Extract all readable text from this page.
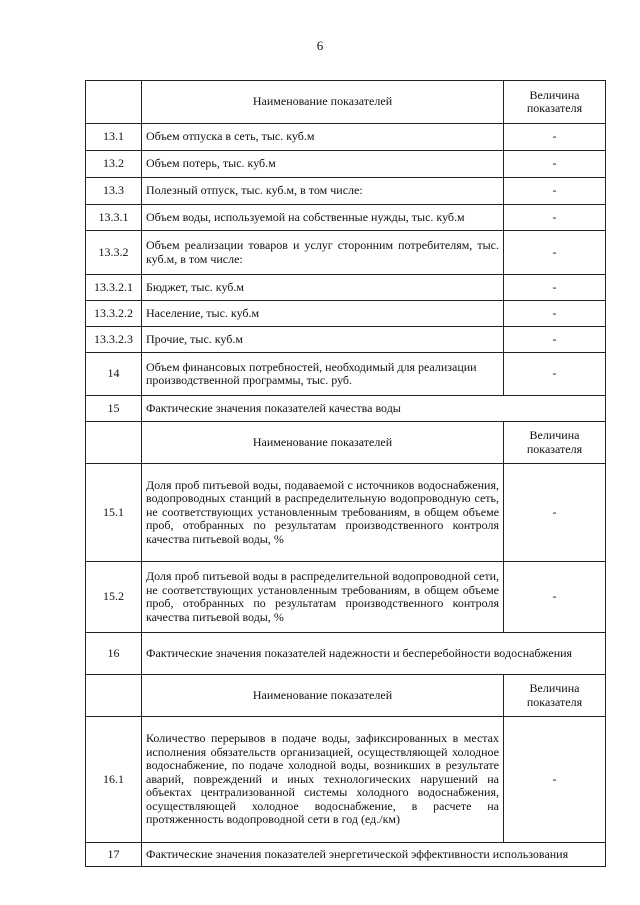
6
	Наименование показателей	Величина показателя
13.1	Объем отпуска в сеть, тыс. куб.м	-
13.2	Объем потерь, тыс. куб.м	-
13.3	Полезный отпуск, тыс. куб.м, в том числе:	-
13.3.1	Объем воды, используемой на собственные нужды, тыс. куб.м	-
13.3.2	Объем реализации товаров и услуг сторонним потребителям, тыс. куб.м, в том числе:	-
13.3.2.1	Бюджет, тыс. куб.м	-
13.3.2.2	Население, тыс. куб.м	-
13.3.2.3	Прочие, тыс. куб.м	-
14	Объем финансовых потребностей, необходимый для реализации производственной программы, тыс. руб.	-
15	Фактические значения показателей качества воды	
	Наименование показателей	Величина показателя
15.1	Доля проб питьевой воды, подаваемой с источников водоснабжения, водопроводных станций в распределительную водопроводную сеть, не соответствующих установленным требованиям, в общем объеме проб, отобранных по результатам производственного контроля качества питьевой воды, %	-
15.2	Доля проб питьевой воды в распределительной водопроводной сети, не соответствующих установленным требованиям, в общем объеме проб, отобранных по результатам производственного контроля качества питьевой воды, %	-
16	Фактические значения показателей надежности и бесперебойности водоснабжения	
	Наименование показателей	Величина показателя
16.1	Количество перерывов в подаче воды, зафиксированных в местах исполнения обязательств организацией, осуществляющей холодное водоснабжение, по подаче холодной воды, возникших в результате аварий, повреждений и иных технологических нарушений на объектах централизованной системы холодного водоснабжения, осуществляющей холодное водоснабжение, в расчете на протяженность водопроводной сети в год (ед./км)	-
17	Фактические значения показателей энергетической эффективности использования	
